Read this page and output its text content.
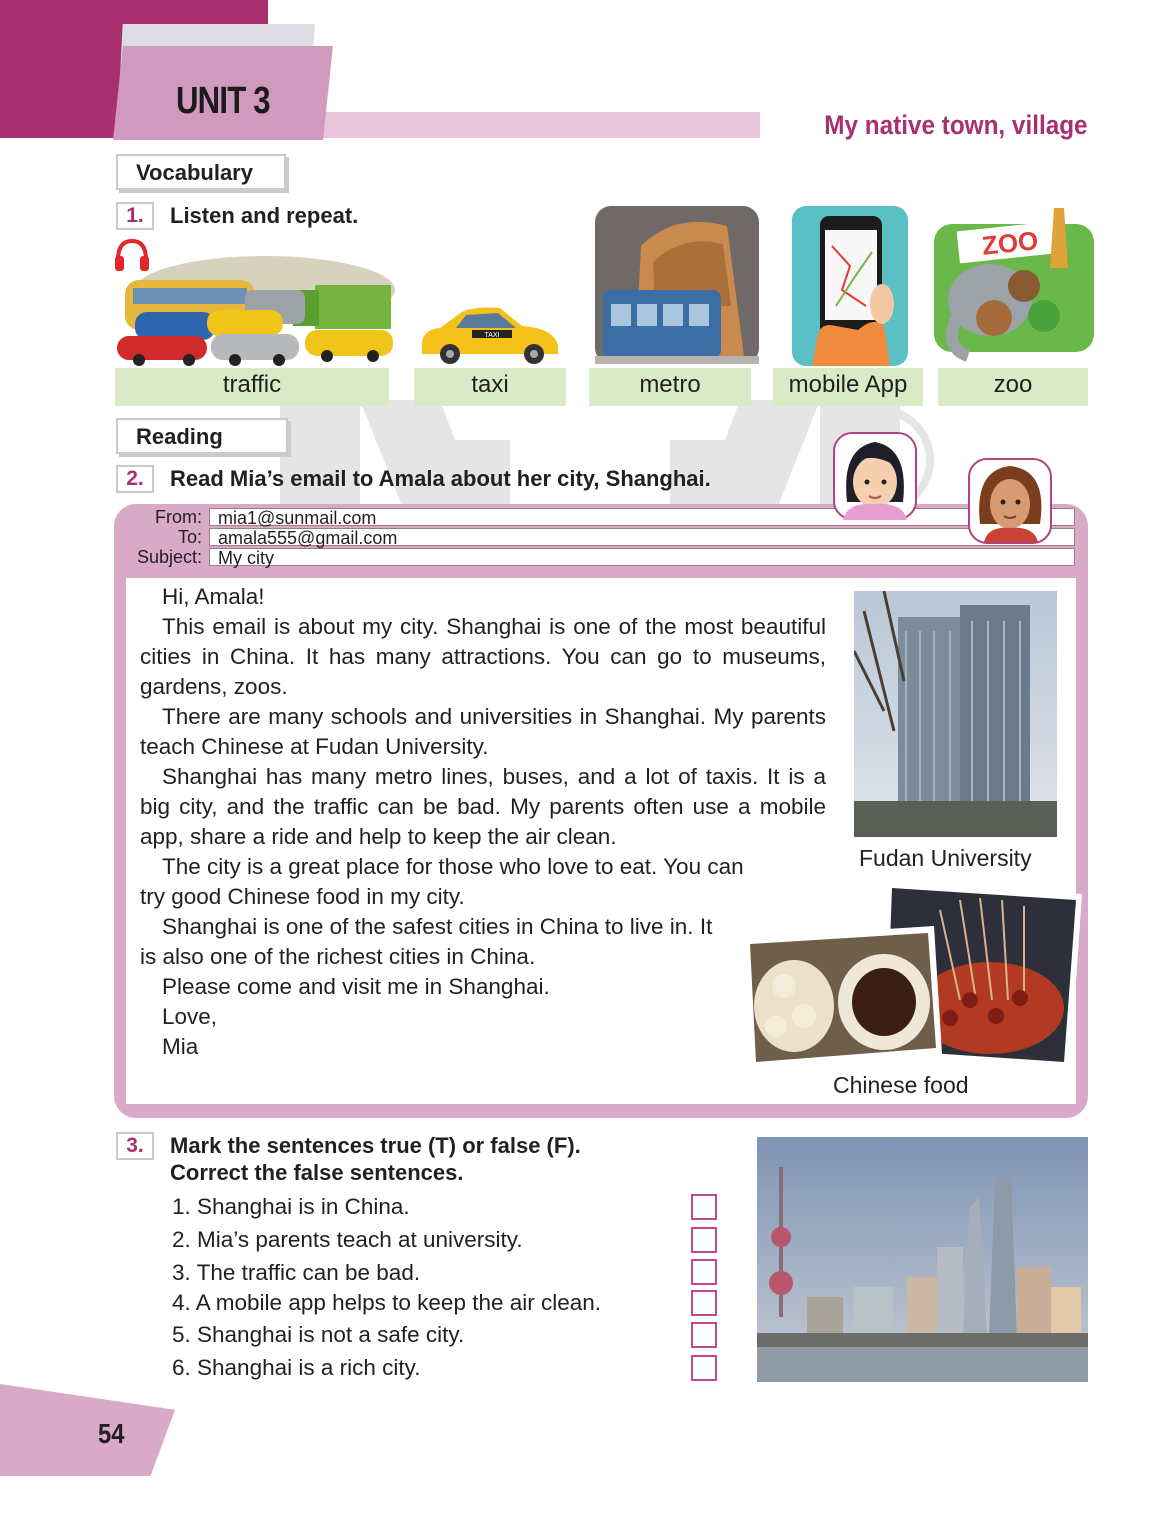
UNIT 3
My native town, village
Vocabulary
1.	Listen and repeat.
TAXI
ZOO
traffic	taxi	metro	mobile App	zoo
Reading
2.	Read Mia’s email to Amala about her city, Shanghai.
From: mia1@sunmail.com
To: amala555@gmail.com
Subject: My city

Hi, Amala!

This email is about my city. Shanghai is one of the most beautiful cities in China. It has many attractions. You can go to museums, gardens, zoos.

There are many schools and universities in Shanghai. My parents teach Chinese at Fudan University.

Shanghai has many metro lines, buses, and a lot of taxis. It is a big city, and the traffic can be bad. My parents often use a mobile app, share a ride and help to keep the air clean.

The city is a great place for those who love to eat. You can try good Chinese food in my city.

Shanghai is one of the safest cities in China to live in. It is also one of the richest cities in China.

Please come and visit me in Shanghai.

Love,

Mia

Fudan University
Chinese food
3.	Mark the sentences true (T) or false (F).
Correct the false sentences.
1. Shanghai is in China.
2. Mia’s parents teach at university.
3. The traffic can be bad.
4. A mobile app helps to keep the air clean.
5. Shanghai is not a safe city.
6. Shanghai is a rich city.
54
